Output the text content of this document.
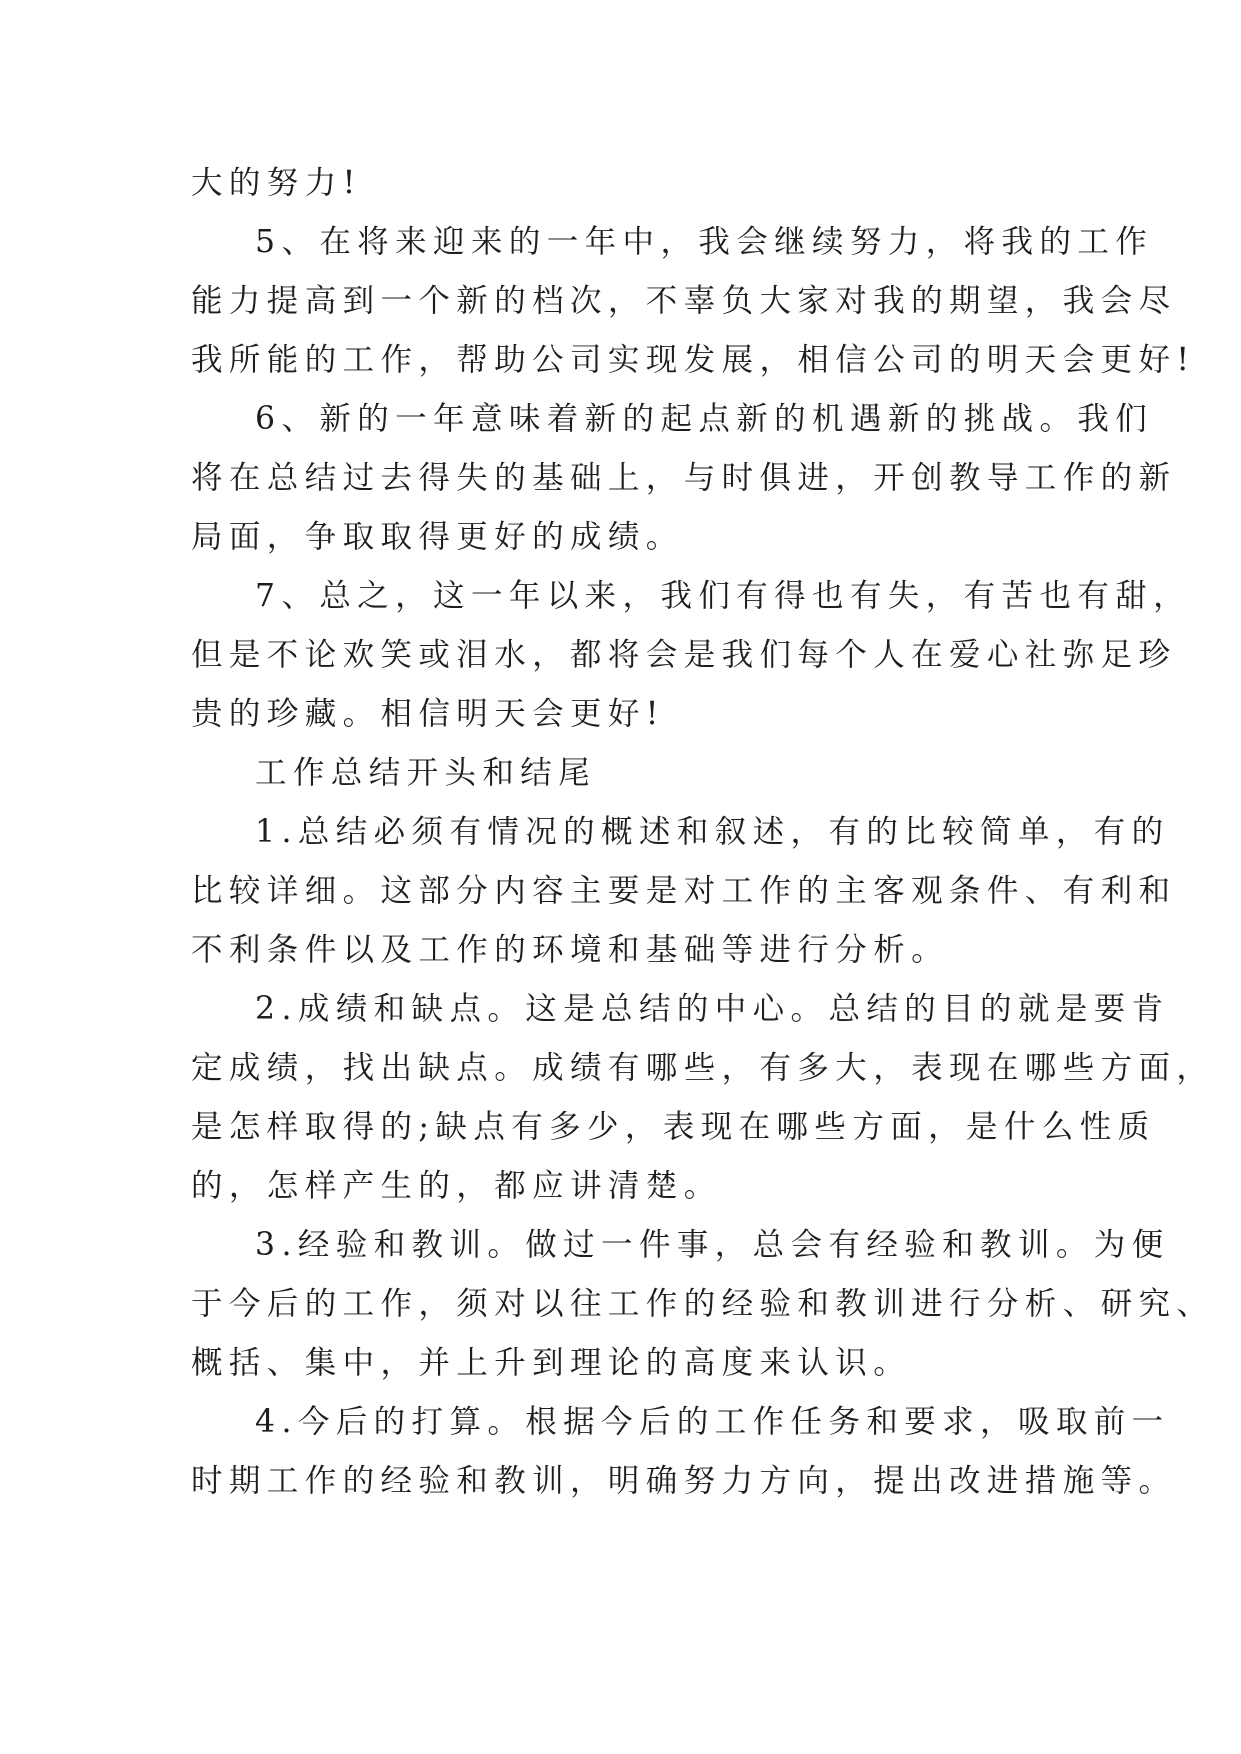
大的努力!

5、在将来迎来的一年中，我会继续努力，将我的工作

能力提高到一个新的档次，不辜负大家对我的期望，我会尽

我所能的工作，帮助公司实现发展，相信公司的明天会更好!

6、新的一年意味着新的起点新的机遇新的挑战。我们

将在总结过去得失的基础上，与时俱进，开创教导工作的新

局面，争取取得更好的成绩。

7、总之，这一年以来，我们有得也有失，有苦也有甜，

但是不论欢笑或泪水，都将会是我们每个人在爱心社弥足珍

贵的珍藏。相信明天会更好!

工作总结开头和结尾

1.总结必须有情况的概述和叙述，有的比较简单，有的

比较详细。这部分内容主要是对工作的主客观条件、有利和

不利条件以及工作的环境和基础等进行分析。

2.成绩和缺点。这是总结的中心。总结的目的就是要肯

定成绩，找出缺点。成绩有哪些，有多大，表现在哪些方面，

是怎样取得的;缺点有多少，表现在哪些方面，是什么性质

的，怎样产生的，都应讲清楚。

3.经验和教训。做过一件事，总会有经验和教训。为便

于今后的工作，须对以往工作的经验和教训进行分析、研究、

概括、集中，并上升到理论的高度来认识。

4.今后的打算。根据今后的工作任务和要求，吸取前一

时期工作的经验和教训，明确努力方向，提出改进措施等。
